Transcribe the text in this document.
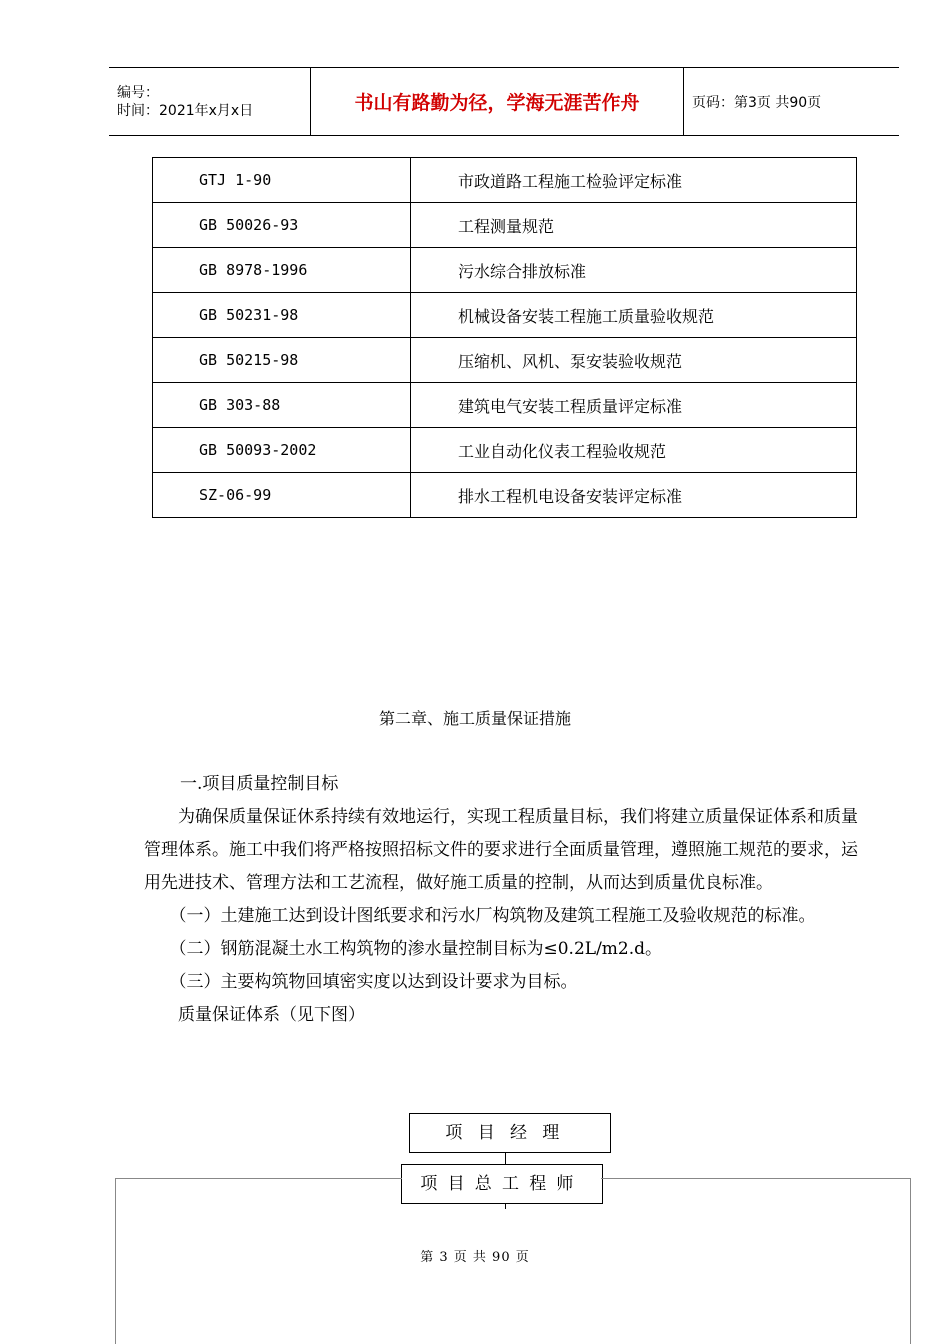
编号：
时间：2021年x月x日	书山有路勤为径，学海无涯苦作舟	页码：第3页 共90页
GTJ 1-90	市政道路工程施工检验评定标准
GB 50026-93	工程测量规范
GB 8978-1996	污水综合排放标准
GB 50231-98	机械设备安装工程施工质量验收规范
GB 50215-98	压缩机、风机、泵安装验收规范
GB 303-88	建筑电气安装工程质量评定标准
GB 50093-2002	工业自动化仪表工程验收规范
SZ-06-99	排水工程机电设备安装评定标准
第二章、施工质量保证措施

一.项目质量控制目标

为确保质量保证休系持续有效地运行，实现工程质量目标，我们将建立质量保证体系和质量管理体系。施工中我们将严格按照招标文件的要求进行全面质量管理，遵照施工规范的要求，运用先进技术、管理方法和工艺流程，做好施工质量的控制，从而达到质量优良标准。

（一）土建施工达到设计图纸要求和污水厂构筑物及建筑工程施工及验收规范的标准。

（二）钢筋混凝土水工构筑物的渗水量控制目标为≤0.2L/m2.d。

（三）主要构筑物回填密实度以达到设计要求为目标。

质量保证体系（见下图）

项目经理
项目总工程师
第 3 页 共 90 页
